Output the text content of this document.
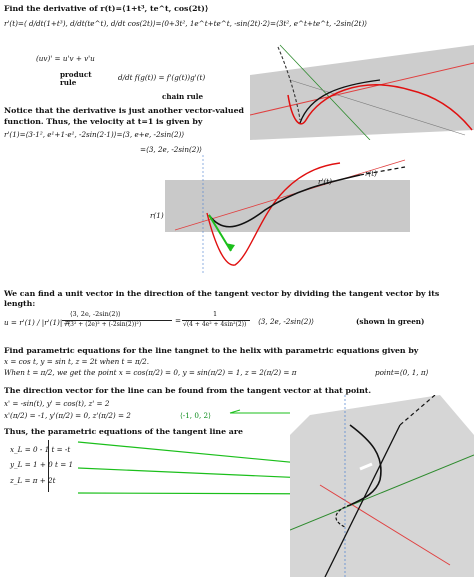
Find the derivative of r(t)=⟨1+t³, te^t, cos(2t)⟩
r'(t)=⟨ d/dt(1+t³), d/dt(te^t), d/dt cos(2t)⟩=⟨0+3t², 1e^t+te^t, -sin(2t)·2⟩=⟨3t², e^t+te^t, -2sin(2t)⟩
(uv)' = u'v + v'u
product rule
d/dt f(g(t)) = f'(g(t))g'(t)
chain rule
Notice that the derivative is just another vector-valued
function. Thus, the velocity at t=1 is given by
r'(1)=⟨3·1², e¹+1·e¹, -2sin(2·1)⟩=⟨3, e+e, -2sin(2)⟩
=⟨3, 2e, -2sin(2)⟩
r'(t)
r(t)
r(1)
We can find a unit vector in the direction of the tangent vector by dividing the tangent vector by its
length:
u = r'(1) / |r'(1)| =
⟨3, 2e, -2sin(2)⟩
√(3² + (2e)² + (-2sin(2))²)	=
1
√(4 + 4e² + 4sin²(2)) ⟨3, 2e, -2sin(2)⟩	(shown in green)
Find parametric equations for the line tangnet to the helix with parametric equations given by
x = cos t, y = sin t, z = 2t when t = π/2.
When t = π/2, we get the point x = cos(π/2) = 0, y = sin(π/2) = 1, z = 2(π/2) = π	point=⟨0, 1, π⟩
The direction vector for the line can be found from the tangent vector at that point.
x' = -sin(t), y' = cos(t), z' = 2
x'(π/2) = -1, y'(π/2) = 0, z'(π/2) = 2	⟨-1, 0, 2⟩
Thus, the parametric equations of the tangent line are
x_L = 0 - 1 t = -t
y_L = 1 + 0 t = 1
z_L = π + 2t
